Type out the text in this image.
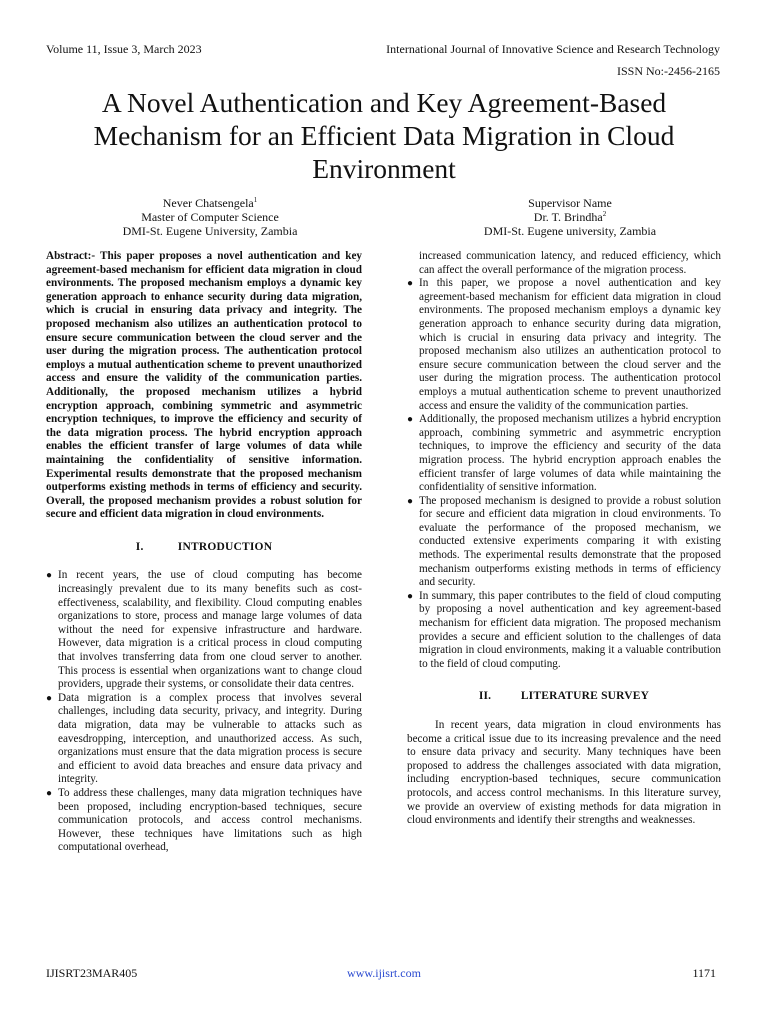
Volume 11, Issue 3, March 2023	International Journal of Innovative Science and Research Technology
ISSN No:-2456-2165
A Novel Authentication and Key Agreement-Based Mechanism for an Efficient Data Migration in Cloud Environment
Never Chatsengela$^1$
Master of Computer Science
DMI-St. Eugene University, Zambia
Supervisor Name
Dr. T. Brindha$^2$
DMI-St. Eugene university, Zambia

Abstract:- This paper proposes a novel authentication and key agreement-based mechanism for efficient data migration in cloud environments. The proposed mechanism employs a dynamic key generation approach to enhance security during data migration, which is crucial in ensuring data privacy and integrity. The proposed mechanism also utilizes an authentication protocol to ensure secure communication between the cloud server and the user during the migration process. The authentication protocol employs a mutual authentication scheme to prevent unauthorized access and ensure the validity of the communication parties. Additionally, the proposed mechanism utilizes a hybrid encryption approach, combining symmetric and asymmetric encryption techniques, to improve the efficiency and security of the data migration process. The hybrid encryption approach enables the efficient transfer of large volumes of data while maintaining the confidentiality of sensitive information. Experimental results demonstrate that the proposed mechanism outperforms existing methods in terms of efficiency and security. Overall, the proposed mechanism provides a robust solution for secure and efficient data migration in cloud environments.

I.	INTRODUCTION
● In recent years, the use of cloud computing has become increasingly prevalent due to its many benefits such as cost-effectiveness, scalability, and flexibility. Cloud computing enables organizations to store, process and manage large volumes of data without the need for expensive infrastructure and hardware. However, data migration is a critical process in cloud computing that involves transferring data from one cloud server to another. This process is essential when organizations want to change cloud providers, upgrade their systems, or consolidate their data centres.
● Data migration is a complex process that involves several challenges, including data security, privacy, and integrity. During data migration, data may be vulnerable to attacks such as eavesdropping, interception, and unauthorized access. As such, organizations must ensure that the data migration process is secure and efficient to avoid data breaches and ensure data privacy and integrity.
● To address these challenges, many data migration techniques have been proposed, including encryption-based techniques, secure communication protocols, and access control mechanisms. However, these techniques have limitations such as high computational overhead,

increased communication latency, and reduced efficiency, which can affect the overall performance of the migration process.

● In this paper, we propose a novel authentication and key agreement-based mechanism for efficient data migration in cloud environments. The proposed mechanism employs a dynamic key generation approach to enhance security during data migration, which is crucial in ensuring data privacy and integrity. The proposed mechanism also utilizes an authentication protocol to ensure secure communication between the cloud server and the user during the migration process. The authentication protocol employs a mutual authentication scheme to prevent unauthorized access and ensure the validity of the communication parties.
● Additionally, the proposed mechanism utilizes a hybrid encryption approach, combining symmetric and asymmetric encryption techniques, to improve the efficiency and security of the data migration process. The hybrid encryption approach enables the efficient transfer of large volumes of data while maintaining the confidentiality of sensitive information.
● The proposed mechanism is designed to provide a robust solution for secure and efficient data migration in cloud environments. To evaluate the performance of the proposed mechanism, we conducted extensive experiments comparing it with existing methods. The experimental results demonstrate that the proposed mechanism outperforms existing methods in terms of efficiency and security.
● In summary, this paper contributes to the field of cloud computing by proposing a novel authentication and key agreement-based mechanism for efficient data migration. The proposed mechanism provides a secure and efficient solution to the challenges of data migration in cloud environments, making it a valuable contribution to the field of cloud computing.
II.	LITERATURE SURVEY

In recent years, data migration in cloud environments has become a critical issue due to its increasing prevalence and the need to ensure data privacy and security. Many techniques have been proposed to address the challenges associated with data migration, including encryption-based techniques, secure communication protocols, and access control mechanisms. In this literature survey, we provide an overview of existing methods for data migration in cloud environments and identify their strengths and weaknesses.

IJISRT23MAR405	www.ijisrt.com	1171
